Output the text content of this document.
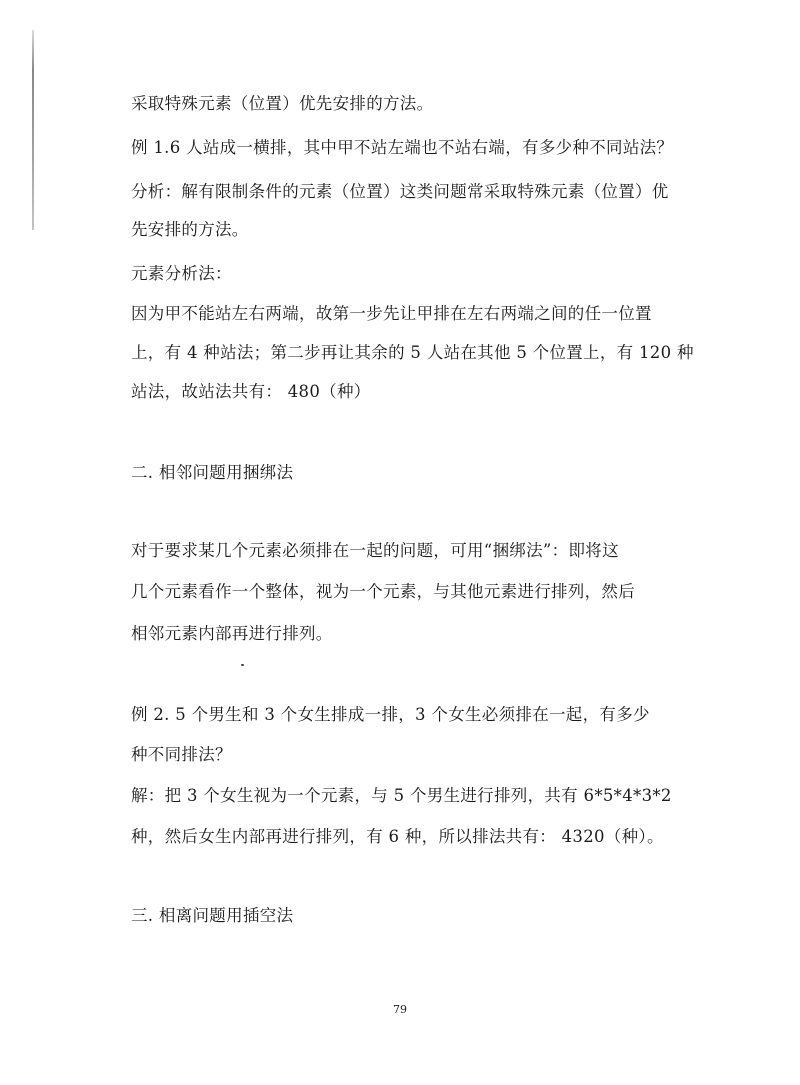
采取特殊元素（位置）优先安排的方法。
例 1.6 人站成一横排，其中甲不站左端也不站右端，有多少种不同站法？
分析：解有限制条件的元素（位置）这类问题常采取特殊元素（位置）优
先安排的方法。
元素分析法：
因为甲不能站左右两端，故第一步先让甲排在左右两端之间的任一位置
上，有 4 种站法；第二步再让其余的 5 人站在其他 5 个位置上，有 120 种
站法，故站法共有： 480（种）
二. 相邻问题用捆绑法
对于要求某几个元素必须排在一起的问题，可用“捆绑法”：即将这
几个元素看作一个整体，视为一个元素，与其他元素进行排列，然后
相邻元素内部再进行排列。
例 2. 5 个男生和 3 个女生排成一排，3 个女生必须排在一起，有多少
种不同排法？
解：把 3 个女生视为一个元素，与 5 个男生进行排列，共有 6*5*4*3*2
种，然后女生内部再进行排列，有 6 种，所以排法共有： 4320（种）。
三. 相离问题用插空法
79
